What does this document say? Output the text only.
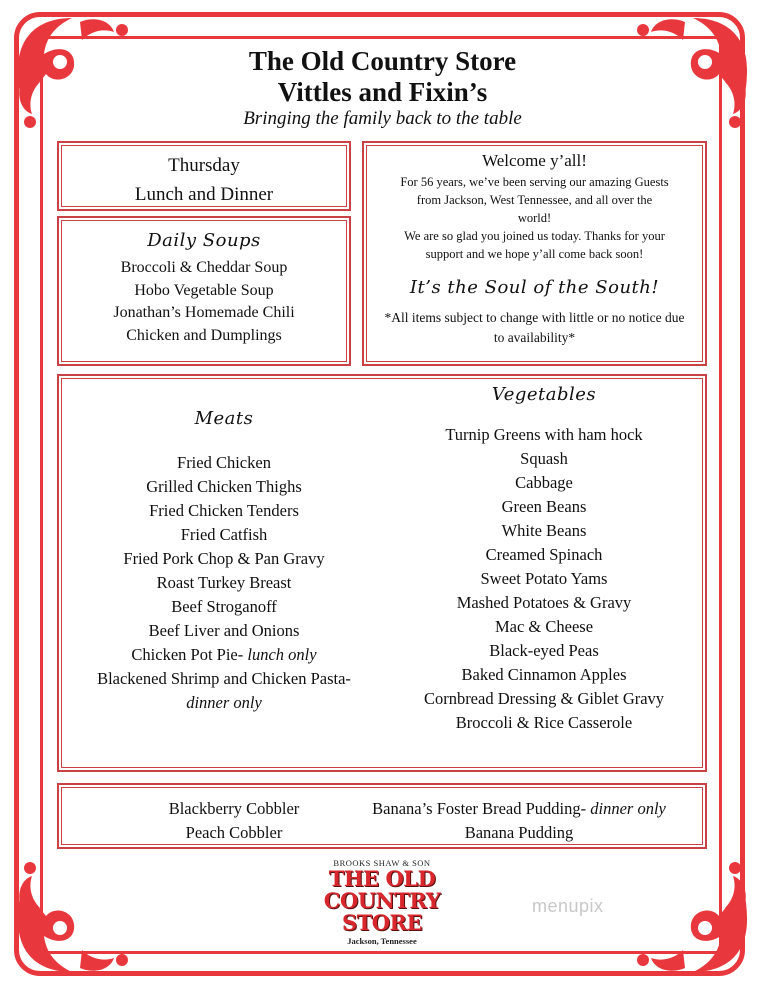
The Old Country Store
Vittles and Fixin’s
Bringing the family back to the table
Thursday
Lunch and Dinner
Daily Soups
Broccoli & Cheddar Soup
Hobo Vegetable Soup
Jonathan’s Homemade Chili
Chicken and Dumplings
Welcome y’all!
For 56 years, we’ve been serving our amazing Guests
from Jackson, West Tennessee, and all over the
world!
We are so glad you joined us today. Thanks for your
support and we hope y’all come back soon!
It’s the Soul of the South!
*All items subject to change with little or no notice due to availability*
Meats
Fried Chicken
Grilled Chicken Thighs
Fried Chicken Tenders
Fried Catfish
Fried Pork Chop & Pan Gravy
Roast Turkey Breast
Beef Stroganoff
Beef Liver and Onions
Chicken Pot Pie- lunch only
Blackened Shrimp and Chicken Pasta-
dinner only
Vegetables
Turnip Greens with ham hock
Squash
Cabbage
Green Beans
White Beans
Creamed Spinach
Sweet Potato Yams
Mashed Potatoes & Gravy
Mac & Cheese
Black-eyed Peas
Baked Cinnamon Apples
Cornbread Dressing & Giblet Gravy
Broccoli & Rice Casserole
Blackberry Cobbler
Peach Cobbler
Banana’s Foster Bread Pudding- dinner only
Banana Pudding
BROOKS SHAW & SON
THE OLD COUNTRY
STORE
Jackson, Tennessee
menupix
